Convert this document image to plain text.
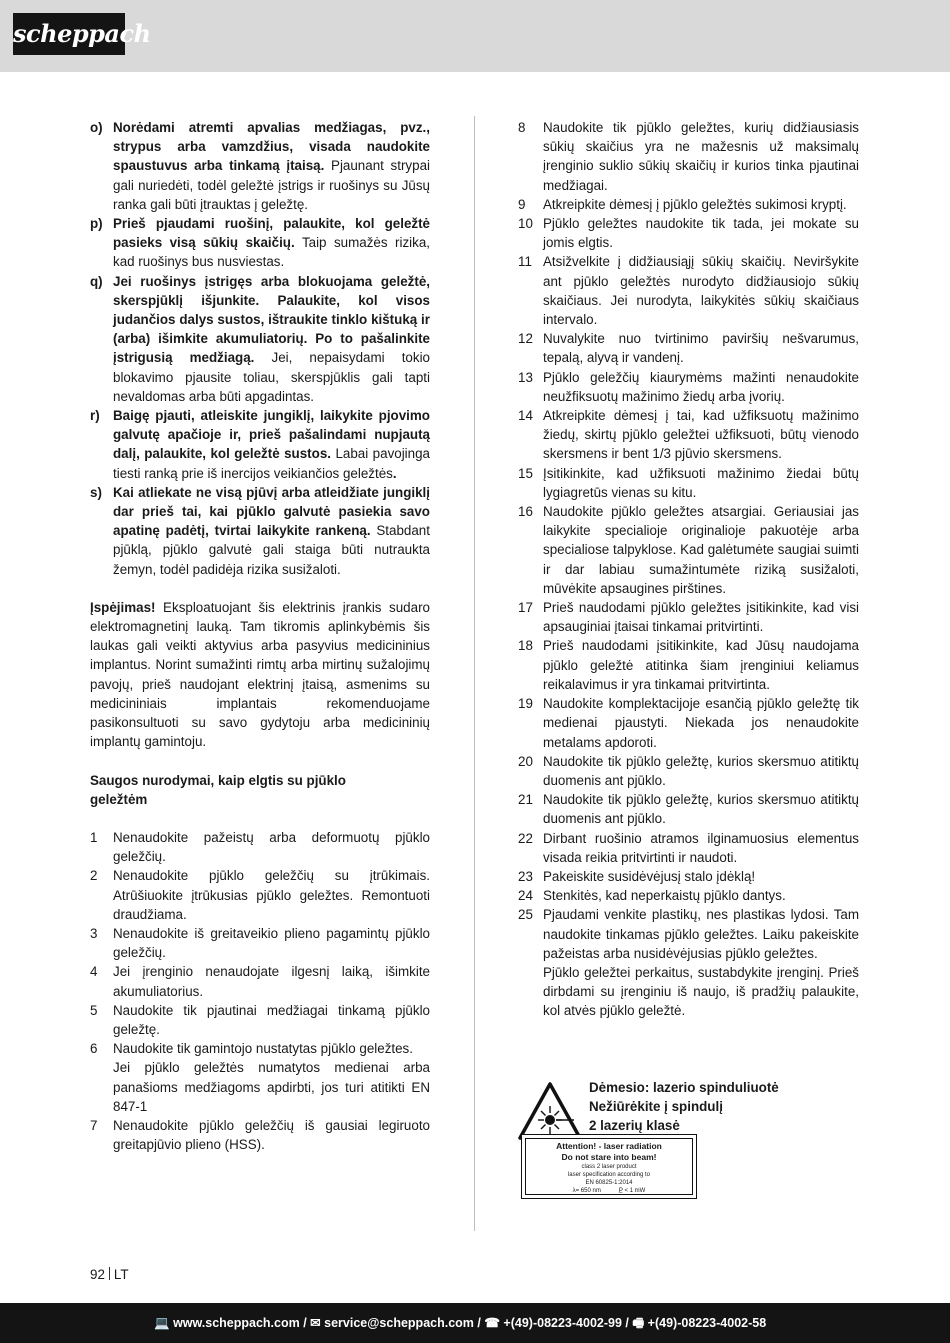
scheppach
o) Norėdami atremti apvalias medžiagas, pvz., strypus arba vamzdžius, visada naudokite spaustuvus arba tinkamą įtaisą. Pjaunant strypai gali nuriedėti, todėl geležtė įstrigs ir ruošinys su Jūsų ranka gali būti įtrauktas į geležtę.
p) Prieš pjaudami ruošinį, palaukite, kol geležtė pasieks visą sūkių skaičių. Taip sumažės rizika, kad ruošinys bus nusviestas.
q) Jei ruošinys įstrigęs arba blokuojama geležtė, skerspjūklį išjunkite. Palaukite, kol visos judančios dalys sustos, ištraukite tinklo kištuką ir (arba) išimkite akumuliatorių. Po to pašalinkite įstrigusią medžiagą. Jei, nepaisydami tokio blokavimo pjausite toliau, skerspjūklis gali tapti nevaldomas arba būti apgadintas.
r) Baigę pjauti, atleiskite jungiklį, laikykite pjovimo galvutę apačioje ir, prieš pašalindami nupjautą dalį, palaukite, kol geležtė sustos. Labai pavojinga tiesti ranką prie iš inercijos veikiančios geležtės.
s) Kai atliekate ne visą pjūvį arba atleidžiate jungiklį dar prieš tai, kai pjūklo galvutė pasiekia savo apatinę padėtį, tvirtai laikykite rankeną. Stabdant pjūklą, pjūklo galvutė gali staiga būti nutraukta žemyn, todėl padidėja rizika susižaloti.
Įspėjimas! Eksploatuojant šis elektrinis įrankis sudaro elektromagnetinį lauką. Tam tikromis aplinkybėmis šis laukas gali veikti aktyvius arba pasyvius medicininius implantus. Norint sumažinti rimtų arba mirtinų sužalojimų pavojų, prieš naudojant elektrinį įtaisą, asmenims su medicininiais implantais rekomenduojame pasikonsultuoti su savo gydytoju arba medicininių implantų gamintoju.
Saugos nurodymai, kaip elgtis su pjūklo geležtėm
1	Nenaudokite pažeistų arba deformuotų pjūklo geležčių.
2	Nenaudokite pjūklo geležčių su įtrūkimais. Atrūšiuokite įtrūkusias pjūklo geležtes. Remontuoti draudžiama.
3	Nenaudokite iš greitaveikio plieno pagamintų pjūklo geležčių.
4	Jei įrenginio nenaudojate ilgesnį laiką, išimkite akumuliatorius.
5	Naudokite tik pjautinai medžiagai tinkamą pjūklo geležtę.
6	Naudokite tik gamintojo nustatytas pjūklo geležtes.
Jei pjūklo geležtės numatytos medienai arba panašioms medžiagoms apdirbti, jos turi atitikti EN 847-1
7	Nenaudokite pjūklo geležčių iš gausiai legiruoto greitapjūvio plieno (HSS).
8	Naudokite tik pjūklo geležtes, kurių didžiausiasis sūkių skaičius yra ne mažesnis už maksimalų įrenginio suklio sūkių skaičių ir kurios tinka pjautinai medžiagai.
9	Atkreipkite dėmesį į pjūklo geležtės sukimosi kryptį.
10 Pjūklo geležtes naudokite tik tada, jei mokate su jomis elgtis.
11 Atsižvelkite į didžiausiąjį sūkių skaičių. Neviršykite ant pjūklo geležtės nurodyto didžiausiojo sūkių skaičiaus. Jei nurodyta, laikykitės sūkių skaičiaus intervalo.
12 Nuvalykite nuo tvirtinimo paviršių nešvarumus, tepalą, alyvą ir vandenį.
13 Pjūklo geležčių kiaurymėms mažinti nenaudokite neužfiksuotų mažinimo žiedų arba įvorių.
14 Atkreipkite dėmesį į tai, kad užfiksuotų mažinimo žiedų, skirtų pjūklo geležtei užfiksuoti, būtų vienodo skersmens ir bent 1/3 pjūvio skersmens.
15 Įsitikinkite, kad užfiksuoti mažinimo žiedai būtų lygiagretūs vienas su kitu.
16 Naudokite pjūklo geležtes atsargiai. Geriausiai jas laikykite specialioje originalioje pakuotėje arba specialiose talpyklose. Kad galėtumėte saugiai suimti ir dar labiau sumažintumėte riziką susižaloti, mūvėkite apsaugines pirštines.
17 Prieš naudodami pjūklo geležtes įsitikinkite, kad visi apsauginiai įtaisai tinkamai pritvirtinti.
18 Prieš naudodami įsitikinkite, kad Jūsų naudojama pjūklo geležtė atitinka šiam įrenginiui keliamus reikalavimus ir yra tinkamai pritvirtinta.
19 Naudokite komplektacijoje esančią pjūklo geležtę tik medienai pjaustyti. Niekada jos nenaudokite metalams apdoroti.
20 Naudokite tik pjūklo geležtę, kurios skersmuo atitiktų duomenis ant pjūklo.
21 Naudokite tik pjūklo geležtę, kurios skersmuo atitiktų duomenis ant pjūklo.
22 Dirbant ruošinio atramos ilginamuosius elementus visada reikia pritvirtinti ir naudoti.
23 Pakeiskite susidėvėjusį stalo įdėklą!
24 Stenkitės, kad neperkaistų pjūklo dantys.
25 Pjaudami venkite plastikų, nes plastikas lydosi. Tam naudokite tinkamas pjūklo geležtes. Laiku pakeiskite pažeistas arba nusidėvėjusias pjūklo geležtes.
Pjūklo geležtei perkaitus, sustabdykite įrenginį. Prieš dirbdami su įrenginiu iš naujo, iš pradžių palaukite, kol atvės pjūklo geležtė.
Dėmesio: lazerio spinduliuotė
Nežiūrėkite į spindulį
2 lazerių klasė
Attention! - laser radiation
Do not stare into beam!
class 2 laser product
laser specification according to
EN 60825-1:2014
λ= 650 nm	P̲ < 1 mW
92 LT
💻 www.scheppach.com / ✉ service@scheppach.com / ☎ +(49)-08223-4002-99 / 🖷 +(49)-08223-4002-58
